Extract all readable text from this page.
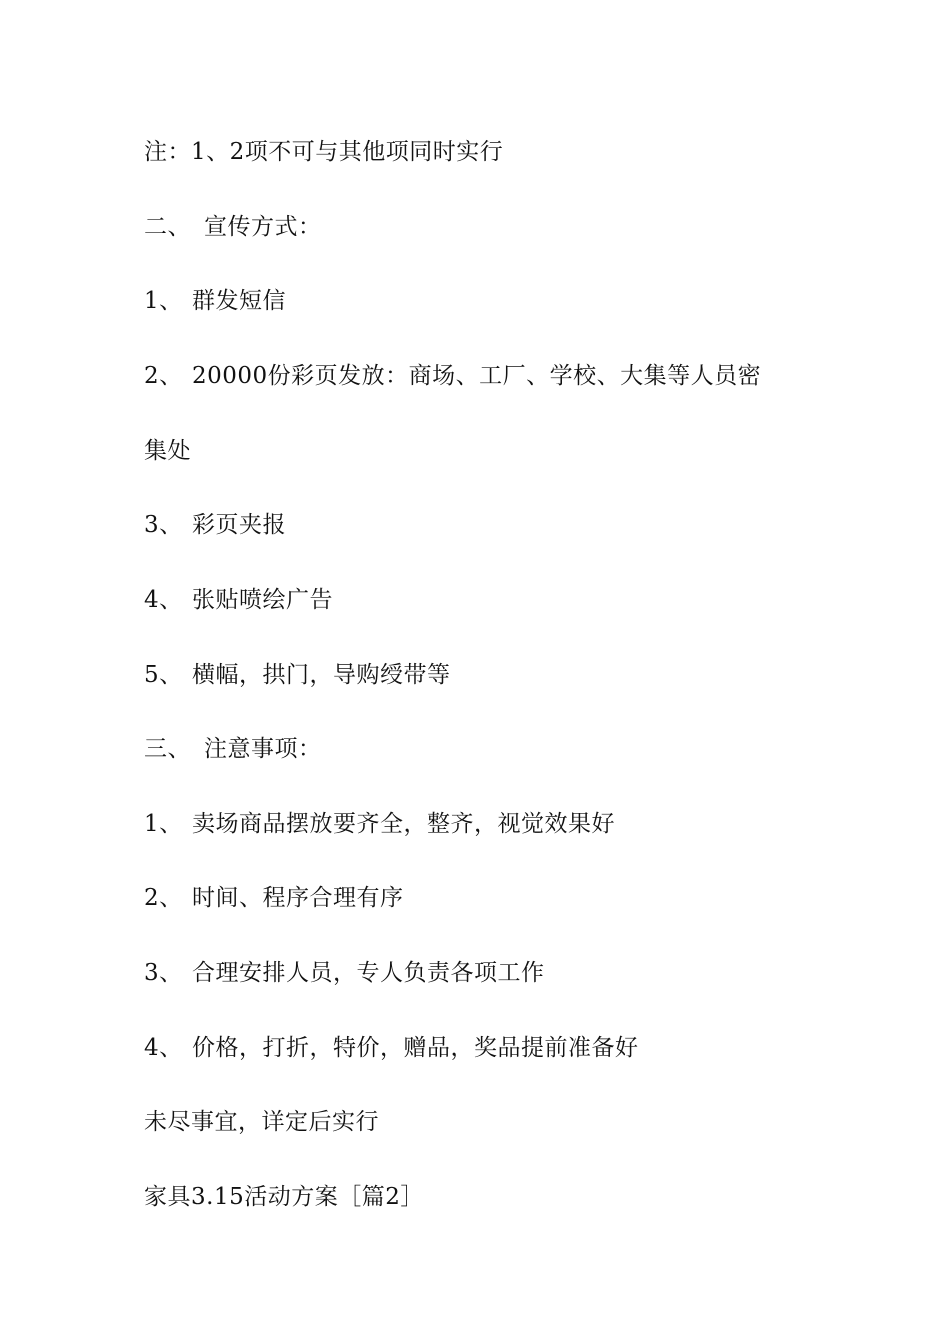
注：1、2项不可与其他项同时实行
二、 宣传方式：
1、 群发短信
2、 20000份彩页发放：商场、工厂、学校、大集等人员密
集处
3、 彩页夹报
4、 张贴喷绘广告
5、 横幅，拱门，导购绶带等
三、 注意事项：
1、 卖场商品摆放要齐全，整齐，视觉效果好
2、 时间、程序合理有序
3、 合理安排人员，专人负责各项工作
4、 价格，打折，特价，赠品，奖品提前准备好
未尽事宜，详定后实行
家具3.15活动方案［篇2］
